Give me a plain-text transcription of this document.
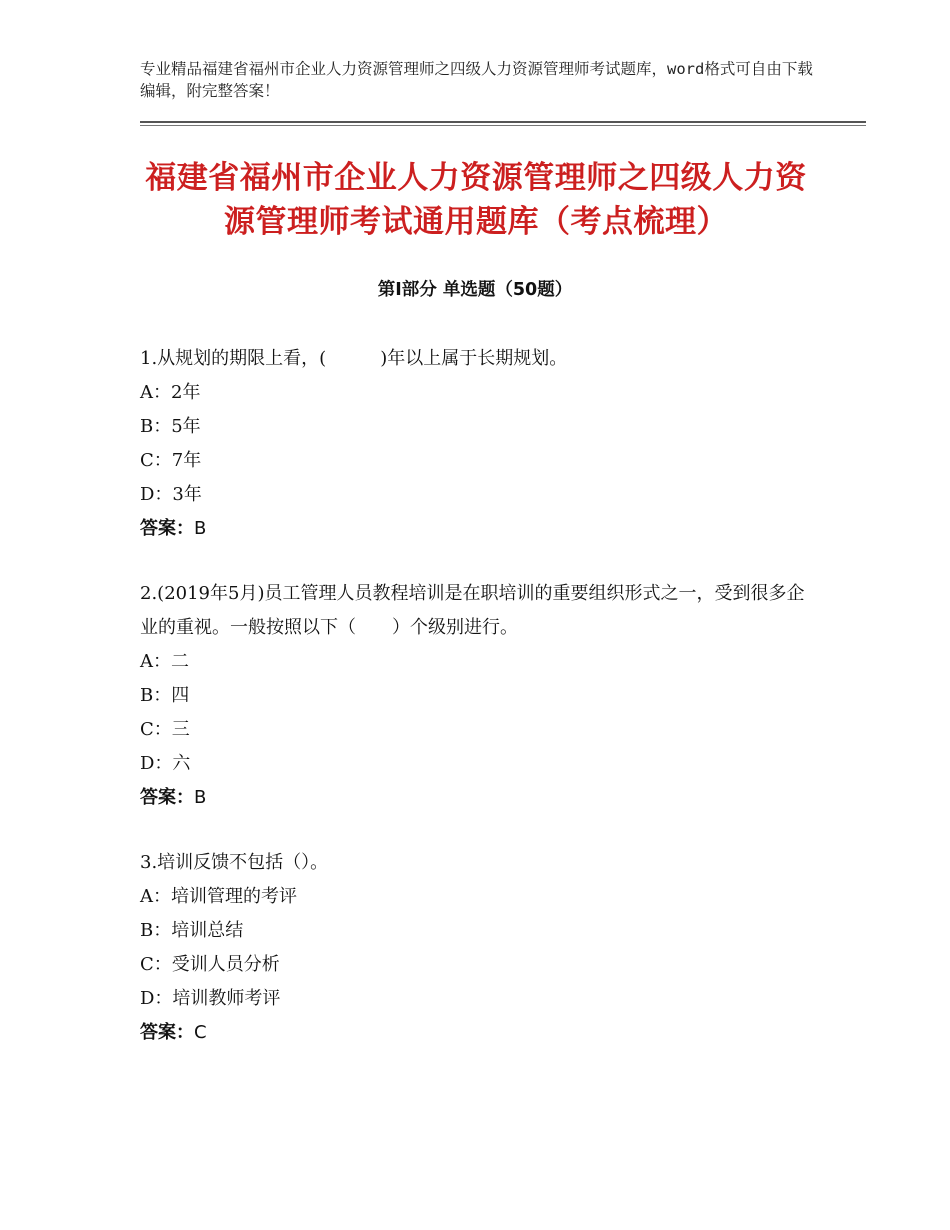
专业精品福建省福州市企业人力资源管理师之四级人力资源管理师考试题库，word格式可自由下载编辑，附完整答案！
福建省福州市企业人力资源管理师之四级人力资源管理师考试通用题库（考点梳理）
第Ⅰ部分 单选题（50题）
1.从规划的期限上看，(　　　)年以上属于长期规划。
A：2年
B：5年
C：7年
D：3年
答案：B
2.(2019年5月)员工管理人员教程培训是在职培训的重要组织形式之一，受到很多企业的重视。一般按照以下（　　）个级别进行。
A：二
B：四
C：三
D：六
答案：B
3.培训反馈不包括（）。
A：培训管理的考评
B：培训总结
C：受训人员分析
D：培训教师考评
答案：C
